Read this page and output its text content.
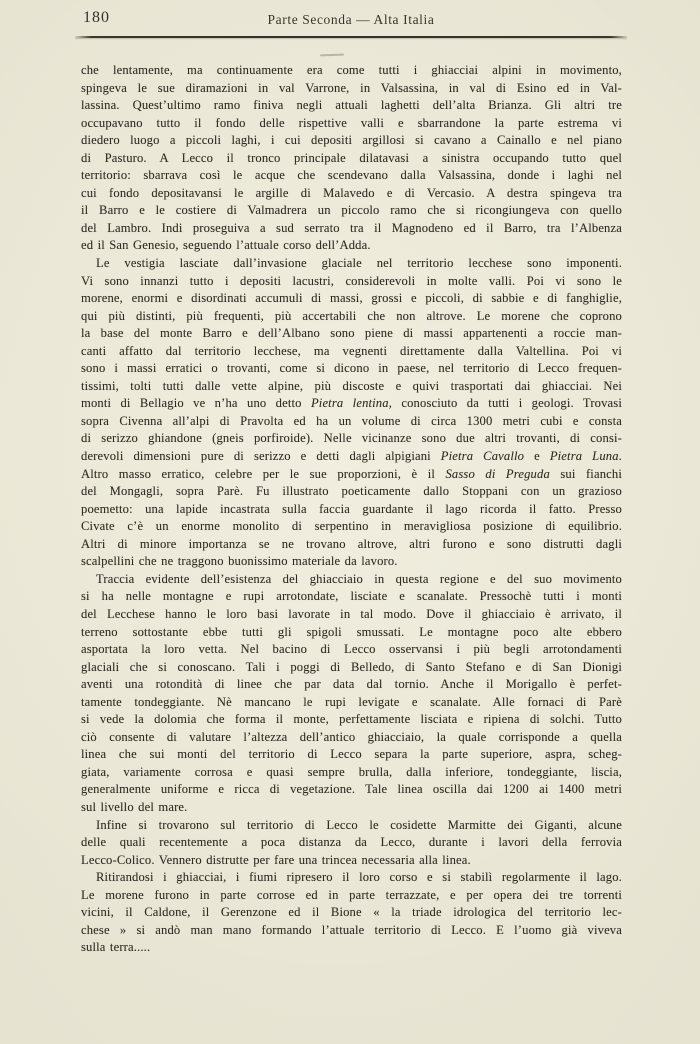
180	Parte Seconda — Alta Italia
che lentamente, ma continuamente era come tutti i ghiacciai alpini in movimento,
spingeva le sue diramazioni in val Varrone, in Valsassina, in val di Esino ed in Val-
lassina. Quest’ultimo ramo finiva negli attuali laghetti dell’alta Brianza. Gli altri tre
occupavano tutto il fondo delle rispettive valli e sbarrandone la parte estrema vi
diedero luogo a piccoli laghi, i cui depositi argillosi si cavano a Cainallo e nel piano
di Pasturo. A Lecco il tronco principale dilatavasi a sinistra occupando tutto quel
territorio: sbarrava così le acque che scendevano dalla Valsassina, donde i laghi nel
cui fondo depositavansi le argille di Malavedo e di Vercasio. A destra spingeva tra
il Barro e le costiere di Valmadrera un piccolo ramo che si ricongiungeva con quello
del Lambro. Indi proseguiva a sud serrato tra il Magnodeno ed il Barro, tra l’Albenza
ed il San Genesio, seguendo l’attuale corso dell’Adda.
Le vestigia lasciate dall’invasione glaciale nel territorio lecchese sono imponenti.
Vi sono innanzi tutto i depositi lacustri, considerevoli in molte valli. Poi vi sono le
morene, enormi e disordinati accumuli di massi, grossi e piccoli, di sabbie e di fanghiglie,
qui più distinti, più frequenti, più accertabili che non altrove. Le morene che coprono
la base del monte Barro e dell’Albano sono piene di massi appartenenti a roccie man-
canti affatto dal territorio lecchese, ma vegnenti direttamente dalla Valtellina. Poi vi
sono i massi erratici o trovanti, come si dicono in paese, nel territorio di Lecco frequen-
tissimi, tolti tutti dalle vette alpine, più discoste e quivi trasportati dai ghiacciai. Nei
monti di Bellagio ve n’ha uno detto Pietra lentina, conosciuto da tutti i geologi. Trovasi
sopra Civenna all’alpi di Pravolta ed ha un volume di circa 1300 metri cubi e consta
di serizzo ghiandone (gneis porfiroide). Nelle vicinanze sono due altri trovanti, di consi-
derevoli dimensioni pure di serizzo e detti dagli alpigiani Pietra Cavallo e Pietra Luna.
Altro masso erratico, celebre per le sue proporzioni, è il Sasso di Preguda sui fianchi
del Mongagli, sopra Parè. Fu illustrato poeticamente dallo Stoppani con un grazioso
poemetto: una lapide incastrata sulla faccia guardante il lago ricorda il fatto. Presso
Civate c’è un enorme monolito di serpentino in meravigliosa posizione di equilibrio.
Altri di minore importanza se ne trovano altrove, altri furono e sono distrutti dagli
scalpellini che ne traggono buonissimo materiale da lavoro.
Traccia evidente dell’esistenza del ghiacciaio in questa regione e del suo movimento
si ha nelle montagne e rupi arrotondate, lisciate e scanalate. Pressochè tutti i monti
del Lecchese hanno le loro basi lavorate in tal modo. Dove il ghiacciaio è arrivato, il
terreno sottostante ebbe tutti gli spigoli smussati. Le montagne poco alte ebbero
asportata la loro vetta. Nel bacino di Lecco osservansi i più begli arrotondamenti
glaciali che si conoscano. Tali i poggi di Belledo, di Santo Stefano e di San Dionigi
aventi una rotondità di linee che par data dal tornio. Anche il Morigallo è perfet-
tamente tondeggiante. Nè mancano le rupi levigate e scanalate. Alle fornaci di Parè
si vede la dolomia che forma il monte, perfettamente lisciata e ripiena di solchi. Tutto
ciò consente di valutare l’altezza dell’antico ghiacciaio, la quale corrisponde a quella
linea che sui monti del territorio di Lecco separa la parte superiore, aspra, scheg-
giata, variamente corrosa e quasi sempre brulla, dalla inferiore, tondeggiante, liscia,
generalmente uniforme e ricca di vegetazione. Tale linea oscilla dai 1200 ai 1400 metri
sul livello del mare.
Infine si trovarono sul territorio di Lecco le cosidette Marmitte dei Giganti, alcune
delle quali recentemente a poca distanza da Lecco, durante i lavori della ferrovia
Lecco-Colico. Vennero distrutte per fare una trincea necessaria alla linea.
Ritirandosi i ghiacciai, i fiumi ripresero il loro corso e si stabilì regolarmente il lago.
Le morene furono in parte corrose ed in parte terrazzate, e per opera dei tre torrenti
vicini, il Caldone, il Gerenzone ed il Bione « la triade idrologica del territorio lec-
chese » si andò man mano formando l’attuale territorio di Lecco. E l’uomo già viveva
sulla terra.....
